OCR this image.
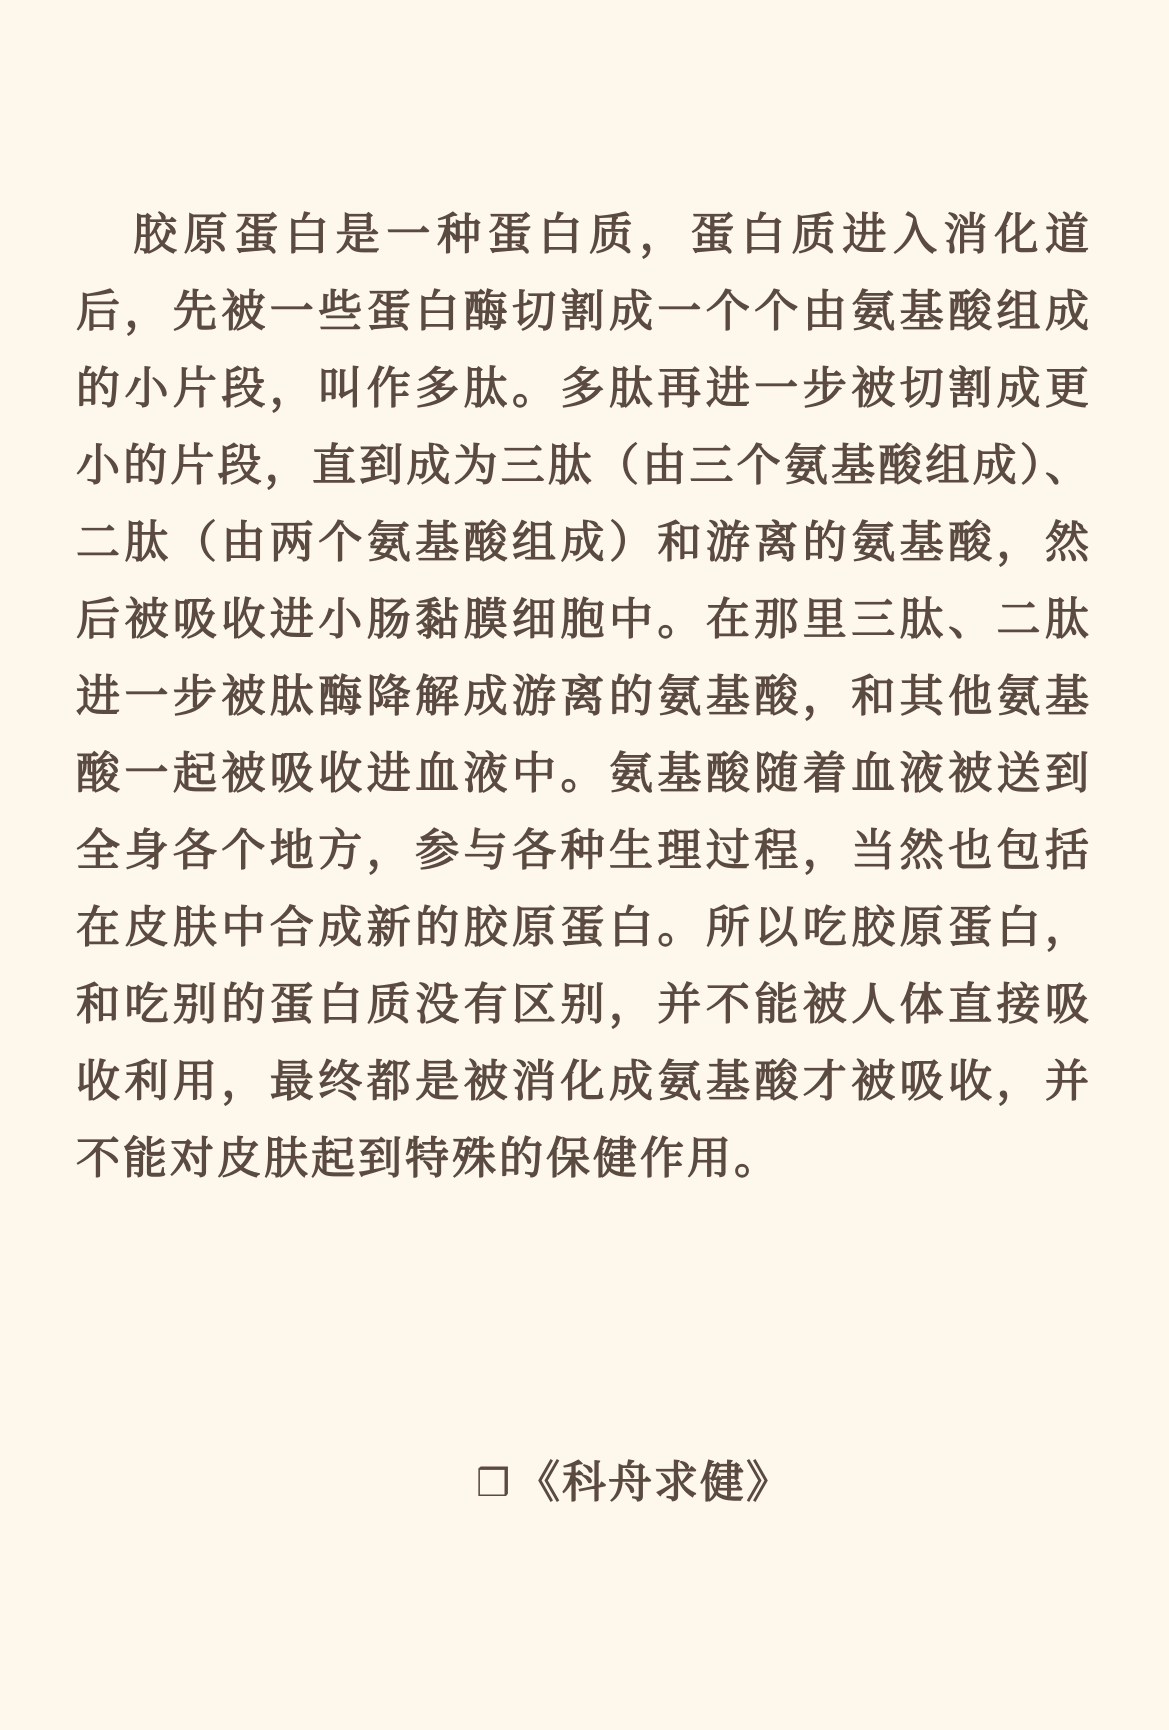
胶原蛋白是一种蛋白质，蛋白质进入消化道后，先被一些蛋白酶切割成一个个由氨基酸组成的小片段，叫作多肽。多肽再进一步被切割成更小的片段，直到成为三肽（由三个氨基酸组成）、二肽（由两个氨基酸组成）和游离的氨基酸，然后被吸收进小肠黏膜细胞中。在那里三肽、二肽进一步被肽酶降解成游离的氨基酸，和其他氨基酸一起被吸收进血液中。氨基酸随着血液被送到全身各个地方，参与各种生理过程，当然也包括在皮肤中合成新的胶原蛋白。所以吃胶原蛋白，和吃别的蛋白质没有区别，并不能被人体直接吸收利用，最终都是被消化成氨基酸才被吸收，并不能对皮肤起到特殊的保健作用。

❒ 《科舟求健》
